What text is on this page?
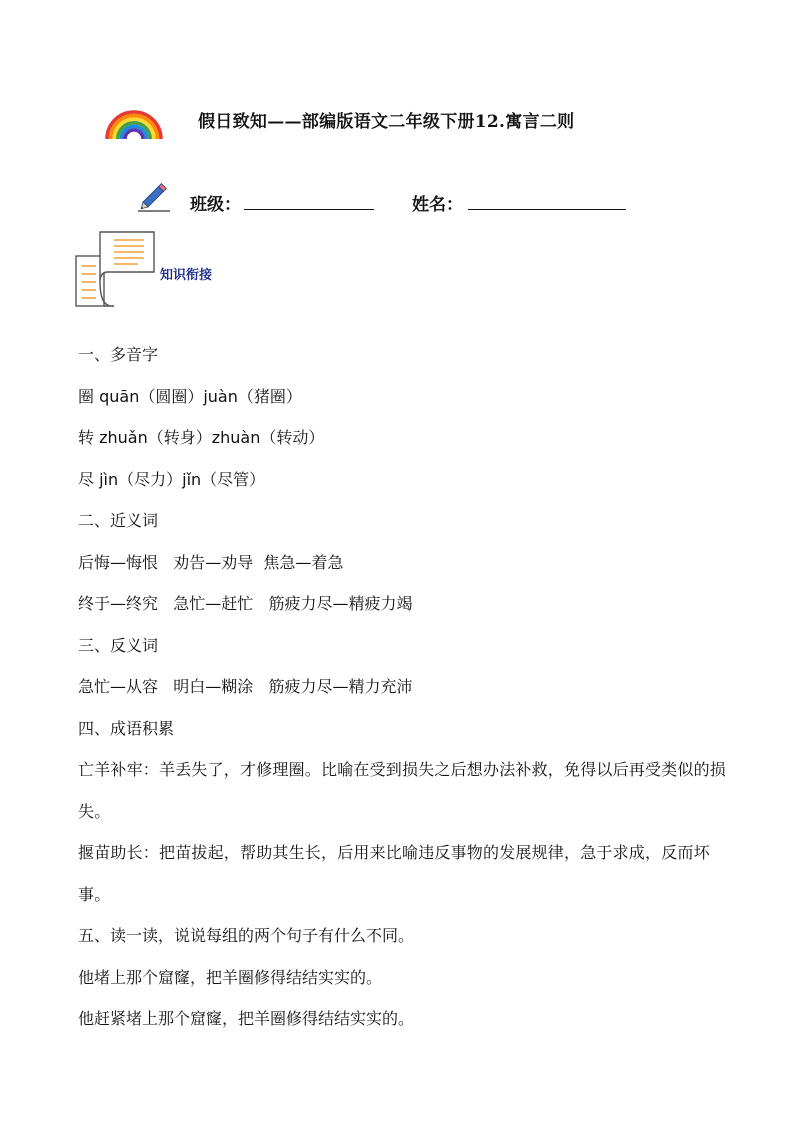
假日致知——部编版语文二年级下册12.寓言二则
班级：	姓名：
知识衔接
一、多音字
圈 quān（圆圈）juàn（猪圈）
转 zhuǎn（转身）zhuàn（转动）
尽 jìn（尽力）jǐn（尽管）
二、近义词
后悔—悔恨   劝告—劝导  焦急—着急
终于—终究   急忙—赶忙   筋疲力尽—精疲力竭
三、反义词
急忙—从容   明白—糊涂   筋疲力尽—精力充沛
四、成语积累
亡羊补牢：羊丢失了，才修理圈。比喻在受到损失之后想办法补救，免得以后再受类似的损失。
揠苗助长：把苗拔起，帮助其生长，后用来比喻违反事物的发展规律，急于求成，反而坏事。
五、读一读，说说每组的两个句子有什么不同。
他堵上那个窟窿，把羊圈修得结结实实的。
他赶紧堵上那个窟窿，把羊圈修得结结实实的。
